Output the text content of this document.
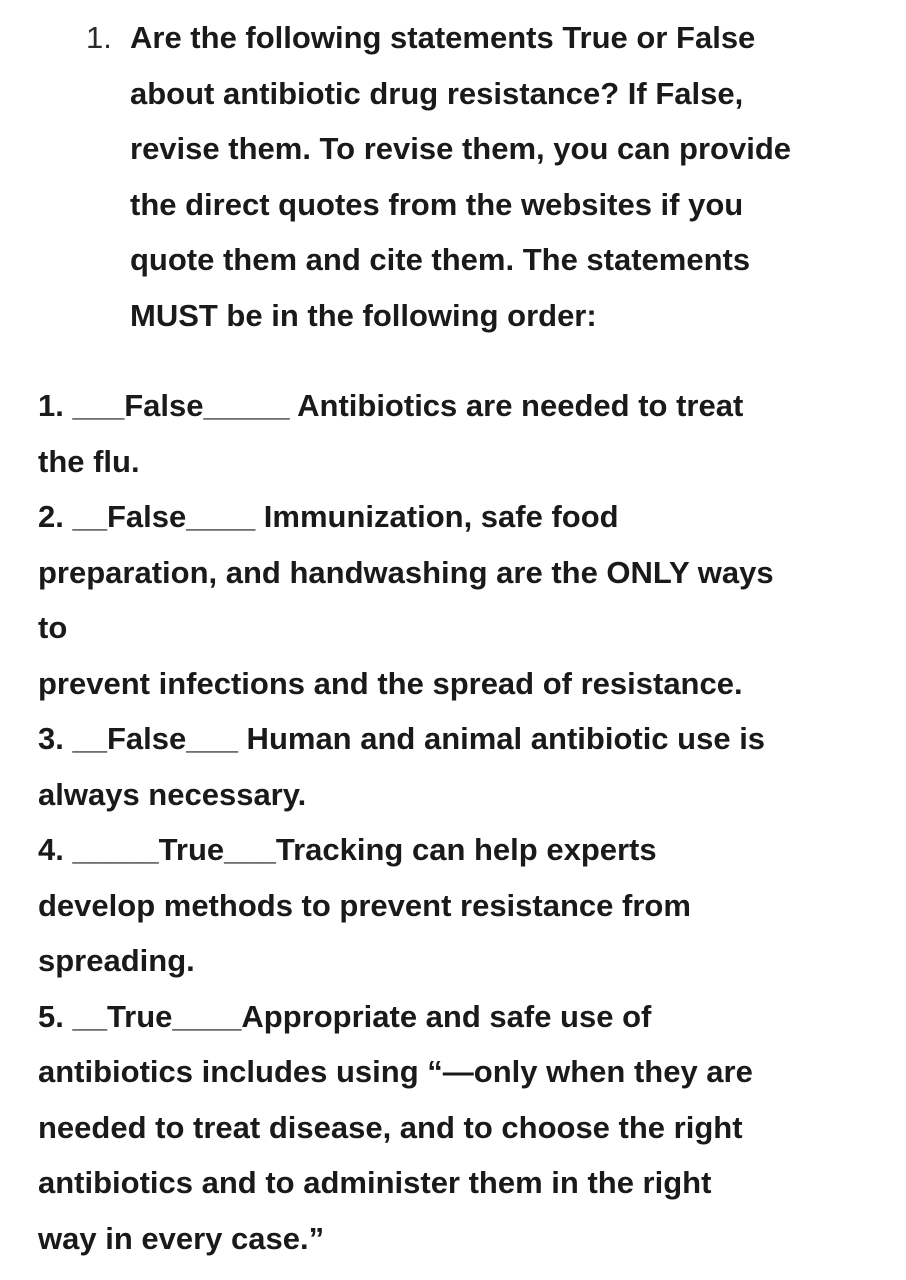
1. Are the following statements True or False
about antibiotic drug resistance? If False,
revise them. To revise them, you can provide
the direct quotes from the websites if you
quote them and cite them. The statements
MUST be in the following order:
1. ___False_____ Antibiotics are needed to treat
the flu.
2. __False____ Immunization, safe food
preparation, and handwashing are the ONLY ways
to
prevent infections and the spread of resistance.
3. __False___ Human and animal antibiotic use is
always necessary.
4. _____True___Tracking can help experts
develop methods to prevent resistance from
spreading.
5. __True____Appropriate and safe use of
antibiotics includes using “—only when they are
needed to treat disease, and to choose the right
antibiotics and to administer them in the right
way in every case.”
